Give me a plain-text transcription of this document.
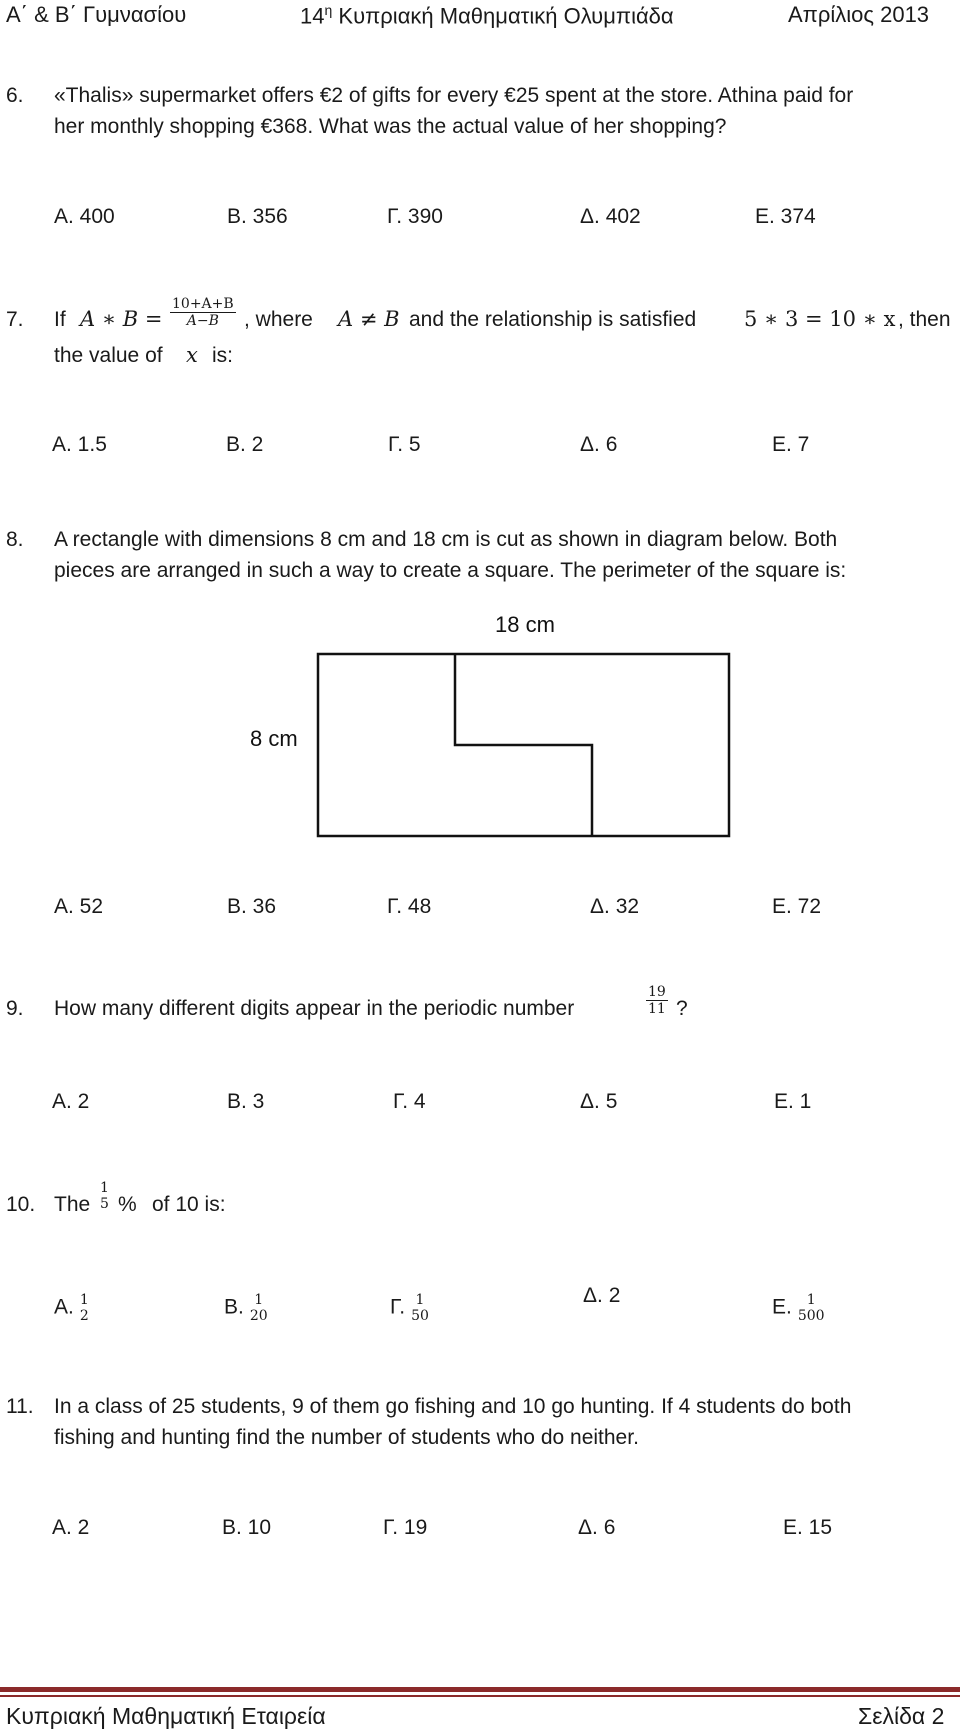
Α΄ & Β΄ Γυμνασίου	$14^\eta$ Κυπριακή Μαθηματική Ολυμπιάδα	Απρίλιος 2013
6. «Thalis» supermarket offers €2 of gifts for every €25 spent at the store. Athina paid for
her monthly shopping €368. What was the actual value of her shopping?
Α. 400	Β. 356	Γ. 390	Δ. 402	Ε. 374
7. If A ∗ $B = \frac{10+A+B}{A-B}$ , where A ≠ B and the relationship is satisfied 5 ∗ 3 = 10 ∗ x , then
the value of x is:
Α. 1.5	Β. 2	Γ. 5	Δ. 6	Ε. 7
8. A rectangle with dimensions 8 cm and 18 cm is cut as shown in diagram below. Both
pieces are arranged in such a way to create a square. The perimeter of the square is:
18 cm
8 cm
Α. 52	Β. 36	Γ. 48	Δ. 32	Ε. 72
9. How many different digits appear in the periodic number	$\frac{19}{11}$ ?
Α. 2	Β. 3	Γ. 4	Δ. 5	Ε. 1
10. The
1
5 % of 10 is:
Α. 1
2	Β. 1
20	Γ. 1
50
Δ. 2
Ε.	1
500
11. In a class of 25 students, 9 of them go fishing and 10 go hunting. If 4 students do both
fishing and hunting find the number of students who do neither.
Α. 2	Β. 10	Γ. 19	Δ. 6	Ε. 15
Κυπριακή Μαθηματική Εταιρεία	Σελίδα 2
